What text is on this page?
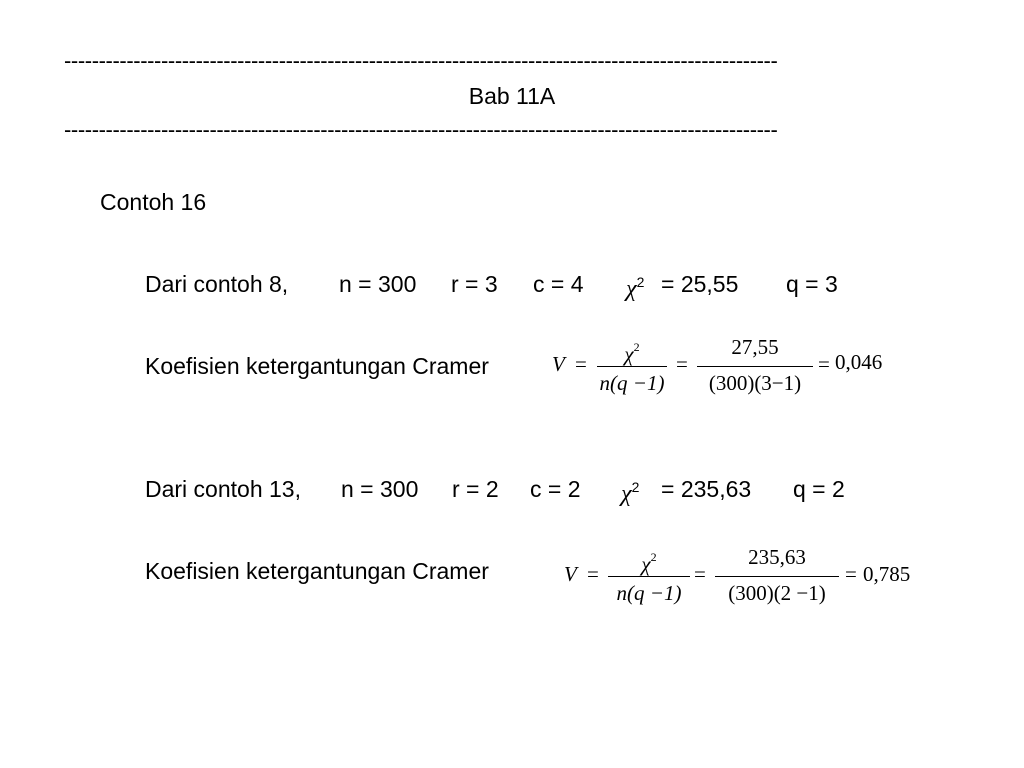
-------------------------------------------------------------------------------------------------------
Bab 11A
-------------------------------------------------------------------------------------------------------
Contoh 16
Dari contoh 8, n = 300 r = 3 c = 4 $\chi^2 = 25,55$ q = 3
Koefisien ketergantungan Cramer	V =	$\chi^2$
n(q −1)
=
27,55
(300)(3−1)
= 0,046
Dari contoh 13, n = 300 r = 2 c = 2 $\chi^2 = 235,63$ q = 2
Koefisien ketergantungan Cramer	V =	$\chi^2$
n(q −1)
=
235,63
(300)(2 −1)
= 0,785
